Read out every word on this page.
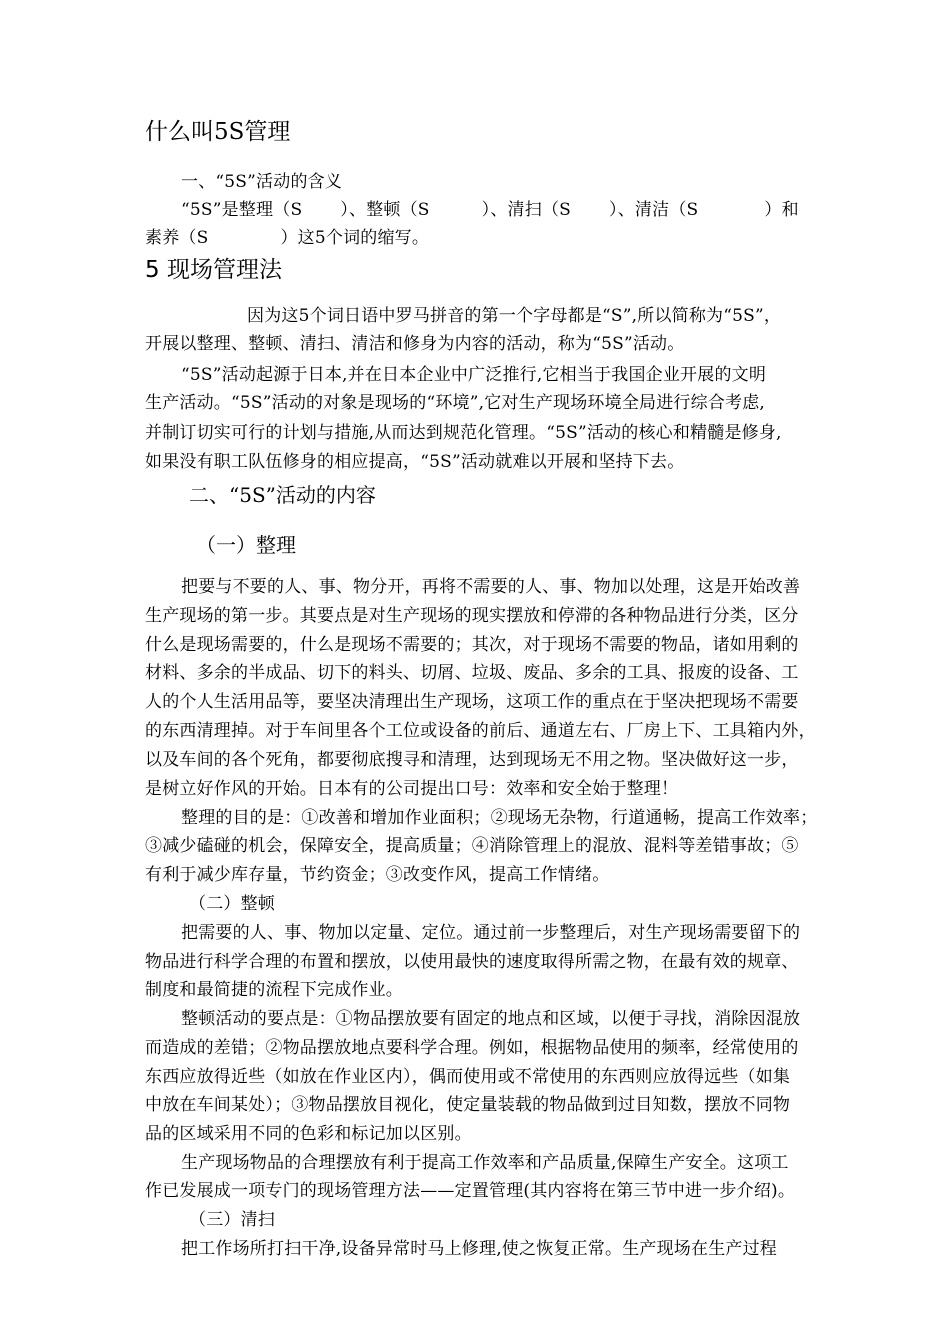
什么叫5S管理
一、“5S”活动的含义
“5S”是整理（S ）、整顿（S	）、清扫（S ）、清洁（S	）和
素养（S	）这5个词的缩写。
5 现场管理法
因为这5个词日语中罗马拼音的第一个字母都是“S”,所以简称为“5S”，
开展以整理、整顿、清扫、清洁和修身为内容的活动，称为“5S”活动。
“5S”活动起源于日本,并在日本企业中广泛推行,它相当于我国企业开展的文明
生产活动。“5S”活动的对象是现场的“环境”,它对生产现场环境全局进行综合考虑,
并制订切实可行的计划与措施,从而达到规范化管理。“5S”活动的核心和精髓是修身,
如果没有职工队伍修身的相应提高，“5S”活动就难以开展和坚持下去。
二、“5S”活动的内容
（一）整理
把要与不要的人、事、物分开，再将不需要的人、事、物加以处理，这是开始改善
生产现场的第一步。其要点是对生产现场的现实摆放和停滞的各种物品进行分类，区分
什么是现场需要的，什么是现场不需要的；其次，对于现场不需要的物品，诸如用剩的
材料、多余的半成品、切下的料头、切屑、垃圾、废品、多余的工具、报废的设备、工
人的个人生活用品等，要坚决清理出生产现场，这项工作的重点在于坚决把现场不需要
的东西清理掉。对于车间里各个工位或设备的前后、通道左右、厂房上下、工具箱内外，
以及车间的各个死角，都要彻底搜寻和清理，达到现场无不用之物。坚决做好这一步，
是树立好作风的开始。日本有的公司提出口号：效率和安全始于整理！
整理的目的是：①改善和增加作业面积；②现场无杂物，行道通畅，提高工作效率；
③减少磕碰的机会，保障安全，提高质量；④消除管理上的混放、混料等差错事故；⑤
有利于减少库存量，节约资金；③改变作风，提高工作情绪。
（二）整顿
把需要的人、事、物加以定量、定位。通过前一步整理后，对生产现场需要留下的
物品进行科学合理的布置和摆放，以使用最快的速度取得所需之物，在最有效的规章、
制度和最简捷的流程下完成作业。
整顿活动的要点是：①物品摆放要有固定的地点和区域，以便于寻找，消除因混放
而造成的差错；②物品摆放地点要科学合理。例如，根据物品使用的频率，经常使用的
东西应放得近些（如放在作业区内），偶而使用或不常使用的东西则应放得远些（如集
中放在车间某处）；③物品摆放目视化，使定量装载的物品做到过目知数，摆放不同物
品的区域采用不同的色彩和标记加以区别。
生产现场物品的合理摆放有利于提高工作效率和产品质量,保障生产安全。这项工
作已发展成一项专门的现场管理方法——定置管理(其内容将在第三节中进一步介绍)。
（三）清扫
把工作场所打扫干净,设备异常时马上修理,使之恢复正常。生产现场在生产过程
